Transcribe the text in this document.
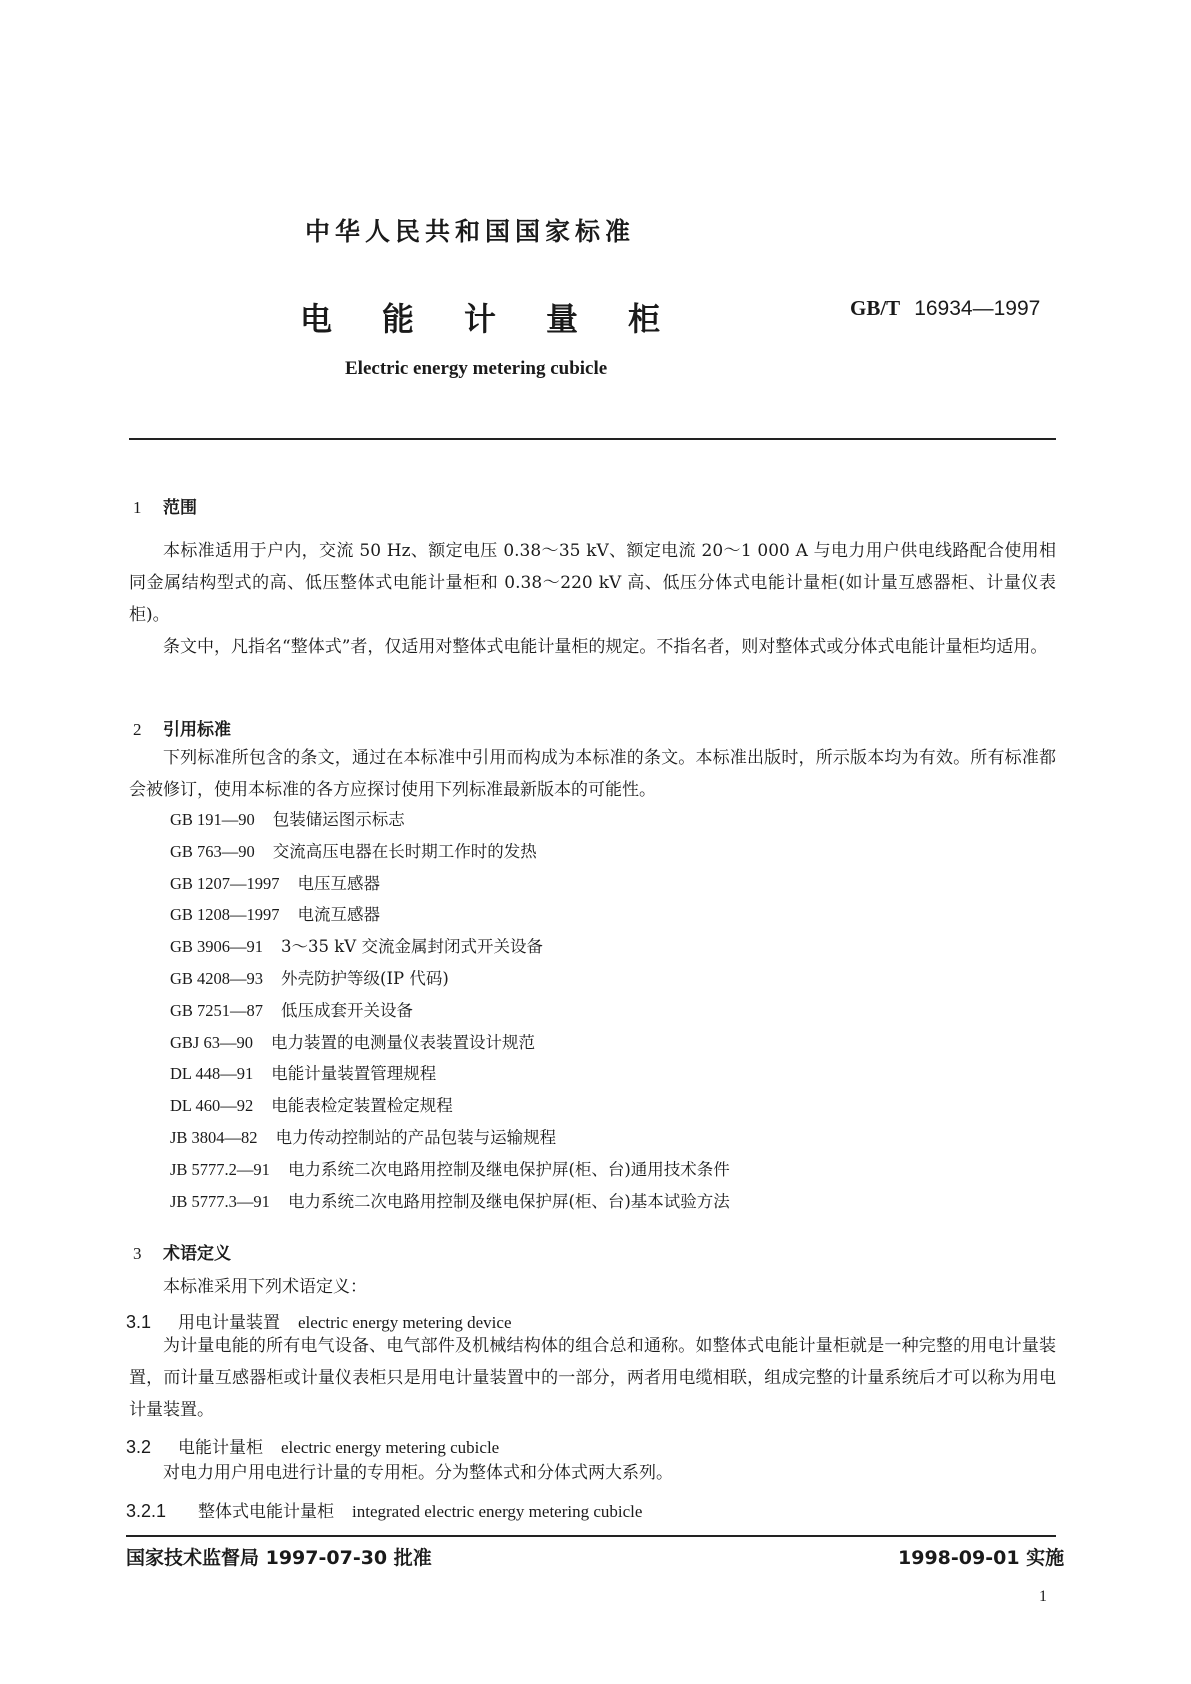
中华人民共和国国家标准
电 能 计 量 柜	GB/T 16934—1997
Electric energy metering cubicle
1 范围

本标准适用于户内，交流 50 Hz、额定电压 0.38～35 kV、额定电流 20～1 000 A 与电力用户供电线路配合使用相同金属结构型式的高、低压整体式电能计量柜和 0.38～220 kV 高、低压分体式电能计量柜(如计量互感器柜、计量仪表柜)。

条文中，凡指名“整体式”者，仅适用对整体式电能计量柜的规定。不指名者，则对整体式或分体式电能计量柜均适用。

2 引用标准

下列标准所包含的条文，通过在本标准中引用而构成为本标准的条文。本标准出版时，所示版本均为有效。所有标准都会被修订，使用本标准的各方应探讨使用下列标准最新版本的可能性。

GB 191—90 包装储运图示标志
GB 763—90 交流高压电器在长时期工作时的发热
GB 1207—1997 电压互感器
GB 1208—1997 电流互感器
GB 3906—91 3～35 kV 交流金属封闭式开关设备
GB 4208—93 外壳防护等级(IP 代码)
GB 7251—87 低压成套开关设备
GBJ 63—90 电力装置的电测量仪表装置设计规范
DL 448—91 电能计量装置管理规程
DL 460—92 电能表检定装置检定规程
JB 3804—82 电力传动控制站的产品包装与运输规程
JB 5777.2—91 电力系统二次电路用控制及继电保护屏(柜、台)通用技术条件
JB 5777.3—91 电力系统二次电路用控制及继电保护屏(柜、台)基本试验方法
3 术语定义

本标准采用下列术语定义：

3.1 用电计量装置 electric energy metering device

为计量电能的所有电气设备、电气部件及机械结构体的组合总和通称。如整体式电能计量柜就是一种完整的用电计量装置，而计量互感器柜或计量仪表柜只是用电计量装置中的一部分，两者用电缆相联，组成完整的计量系统后才可以称为用电计量装置。

3.2 电能计量柜 electric energy metering cubicle

对电力用户用电进行计量的专用柜。分为整体式和分体式两大系列。

3.2.1 整体式电能计量柜 integrated electric energy metering cubicle
国家技术监督局 1997-07-30 批准	1998-09-01 实施
1
